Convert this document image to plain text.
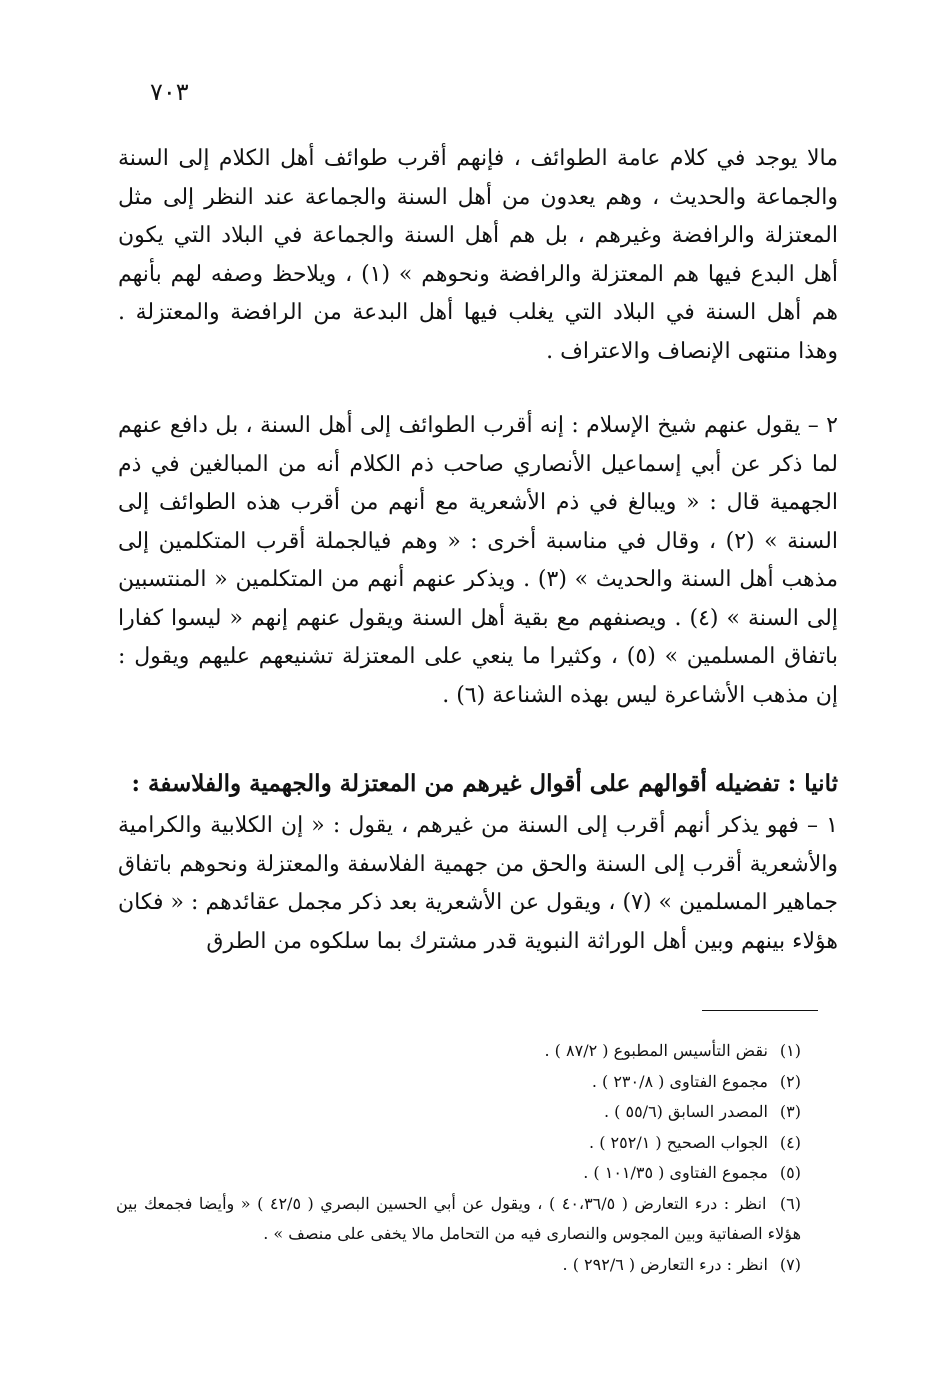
٧٠٣

مالا يوجد في كلام عامة الطوائف ، فإنهم أقرب طوائف أهل الكلام إلى السنة والجماعة والحديث ، وهم يعدون من أهل السنة والجماعة عند النظر إلى مثل المعتزلة والرافضة وغيرهم ، بل هم أهل السنة والجماعة في البلاد التي يكون أهل البدع فيها هم المعتزلة والرافضة ونحوهم » (١) ، ويلاحظ وصفه لهم بأنهم هم أهل السنة في البلاد التي يغلب فيها أهل البدعة من الرافضة والمعتزلة . وهذا منتهى الإنصاف والاعتراف .

٢ – يقول عنهم شيخ الإسلام : إنه أقرب الطوائف إلى أهل السنة ، بل دافع عنهم لما ذكر عن أبي إسماعيل الأنصاري صاحب ذم الكلام أنه من المبالغين في ذم الجهمية قال : « ويبالغ في ذم الأشعرية مع أنهم من أقرب هذه الطوائف إلى السنة » (٢) ، وقال في مناسبة أخرى : « وهم فيالجملة أقرب المتكلمين إلى مذهب أهل السنة والحديث » (٣) . ويذكر عنهم أنهم من المتكلمين « المنتسبين إلى السنة » (٤) . ويصنفهم مع بقية أهل السنة ويقول عنهم إنهم « ليسوا كفارا باتفاق المسلمين » (٥) ، وكثيرا ما ينعي على المعتزلة تشنيعهم عليهم ويقول : إن مذهب الأشاعرة ليس بهذه الشناعة (٦) .

ثانيا : تفضيله أقوالهم على أقوال غيرهم من المعتزلة والجهمية والفلاسفة :

١ – فهو يذكر أنهم أقرب إلى السنة من غيرهم ، يقول : « إن الكلابية والكرامية والأشعرية أقرب إلى السنة والحق من جهمية الفلاسفة والمعتزلة ونحوهم باتفاق جماهير المسلمين » (٧) ، ويقول عن الأشعرية بعد ذكر مجمل عقائدهم : « فكان هؤلاء بينهم وبين أهل الوراثة النبوية قدر مشترك بما سلكوه من الطرق

(١) نقض التأسيس المطبوع ( ٨٧/٢ ) .

(٢) مجموع الفتاوى ( ٢٣٠/٨ ) .

(٣) المصدر السابق (٥٥/٦ ) .

(٤) الجواب الصحيح ( ٢٥٢/١ ) .

(٥) مجموع الفتاوى ( ١٠١/٣٥ ) .

(٦) انظر : درء التعارض ( ٤٠،٣٦/٥ ) ، ويقول عن أبي الحسين البصري ( ٤٢/٥ ) « وأيضا فجمعك بين هؤلاء الصفاتية وبين المجوس والنصارى فيه من التحامل مالا يخفى على منصف » .

(٧) انظر : درء التعارض ( ٢٩٢/٦ ) .
